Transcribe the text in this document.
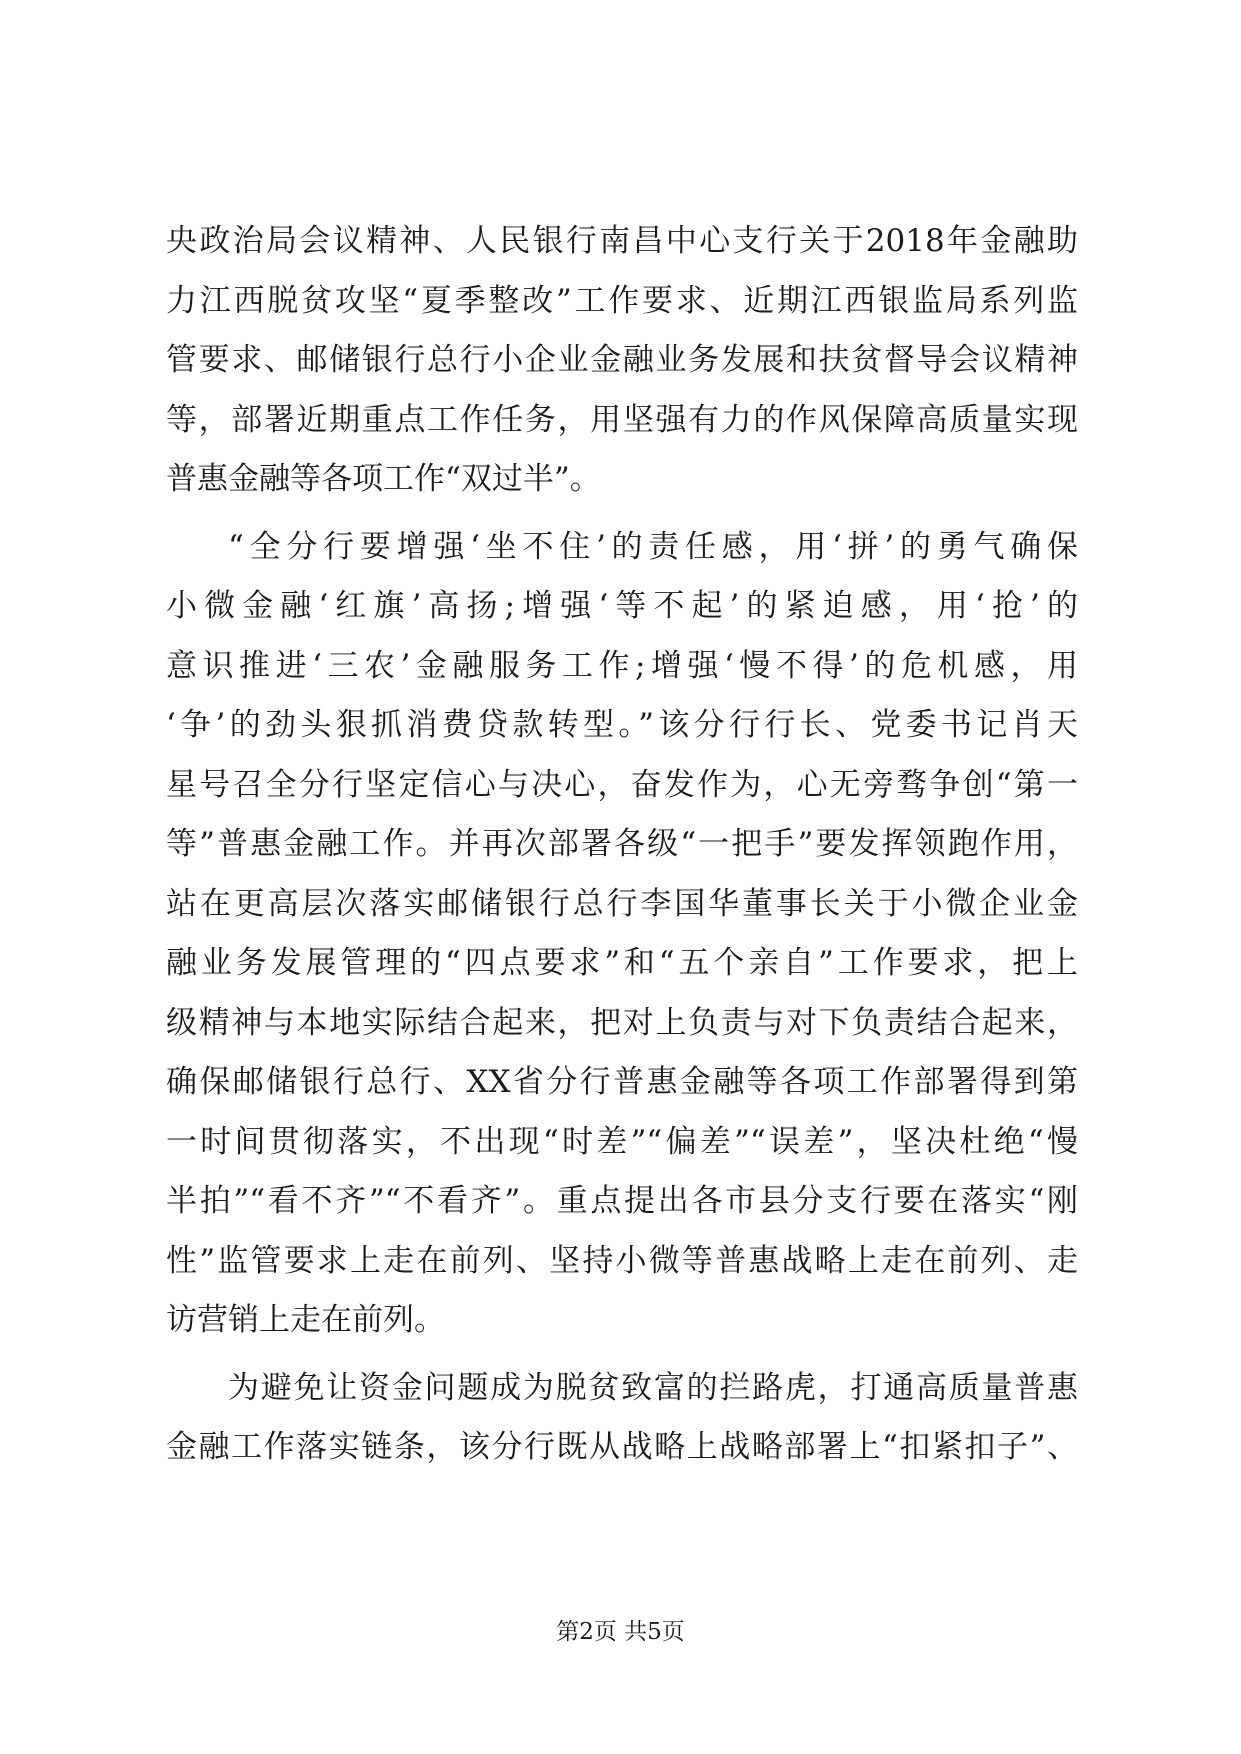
央政治局会议精神、人民银行南昌中心支行关于2018年金融助
力江西脱贫攻坚“夏季整改”工作要求、近期江西银监局系列监
管要求、邮储银行总行小企业金融业务发展和扶贫督导会议精神
等，部署近期重点工作任务，用坚强有力的作风保障高质量实现
普惠金融等各项工作“双过半”。
“全分行要增强‘坐不住’的责任感，用‘拼’的勇气确保
小微金融‘红旗’高扬;增强‘等不起’的紧迫感，用‘抢’的
意识推进‘三农’金融服务工作;增强‘慢不得’的危机感，用
‘争’的劲头狠抓消费贷款转型。”该分行行长、党委书记肖天
星号召全分行坚定信心与决心，奋发作为，心无旁骛争创“第一
等”普惠金融工作。并再次部署各级“一把手”要发挥领跑作用，
站在更高层次落实邮储银行总行李国华董事长关于小微企业金
融业务发展管理的“四点要求”和“五个亲自”工作要求，把上
级精神与本地实际结合起来，把对上负责与对下负责结合起来，
确保邮储银行总行、XX省分行普惠金融等各项工作部署得到第
一时间贯彻落实，不出现“时差”“偏差”“误差”，坚决杜绝“慢
半拍”“看不齐”“不看齐”。重点提出各市县分支行要在落实“刚
性”监管要求上走在前列、坚持小微等普惠战略上走在前列、走
访营销上走在前列。
为避免让资金问题成为脱贫致富的拦路虎，打通高质量普惠
金融工作落实链条，该分行既从战略上战略部署上“扣紧扣子”、
第2页 共5页
